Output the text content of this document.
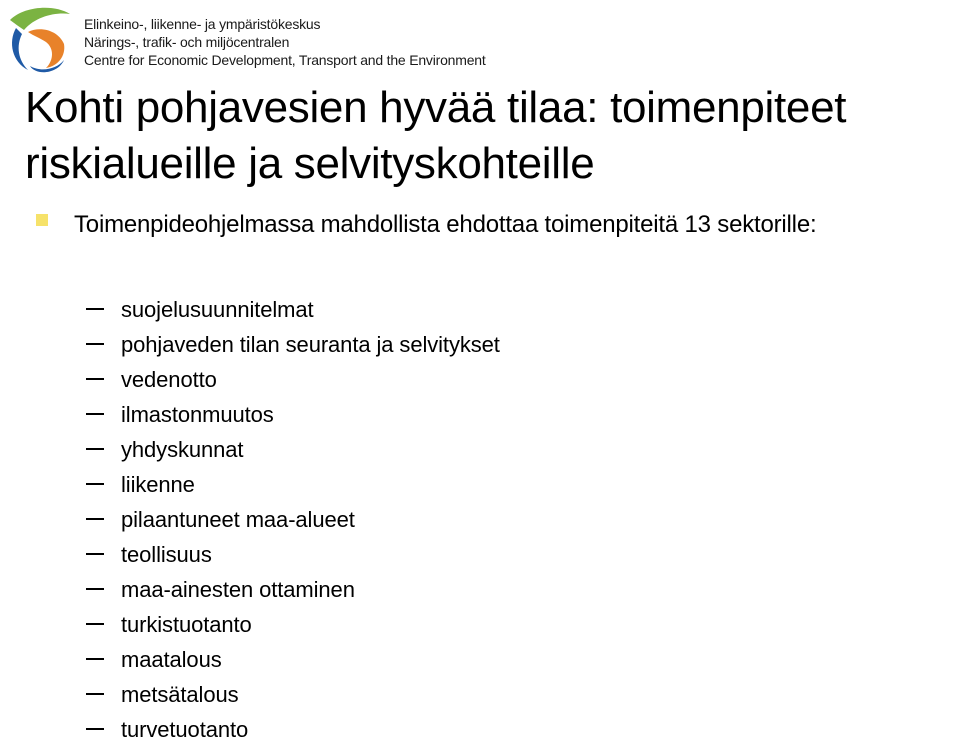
Elinkeino-, liikenne- ja ympäristökeskus
Närings-, trafik- och miljöcentralen
Centre for Economic Development, Transport and the Environment
Kohti pohjavesien hyvää tilaa: toimenpiteet
riskialueille ja selvityskohteille
Toimenpideohjelmassa mahdollista ehdottaa toimenpiteitä 13 sektorille:
suojelusuunnitelmat
pohjaveden tilan seuranta ja selvitykset
vedenotto
ilmastonmuutos
yhdyskunnat
liikenne
pilaantuneet maa-alueet
teollisuus
maa-ainesten ottaminen
turkistuotanto
maatalous
metsätalous
turvetuotanto
